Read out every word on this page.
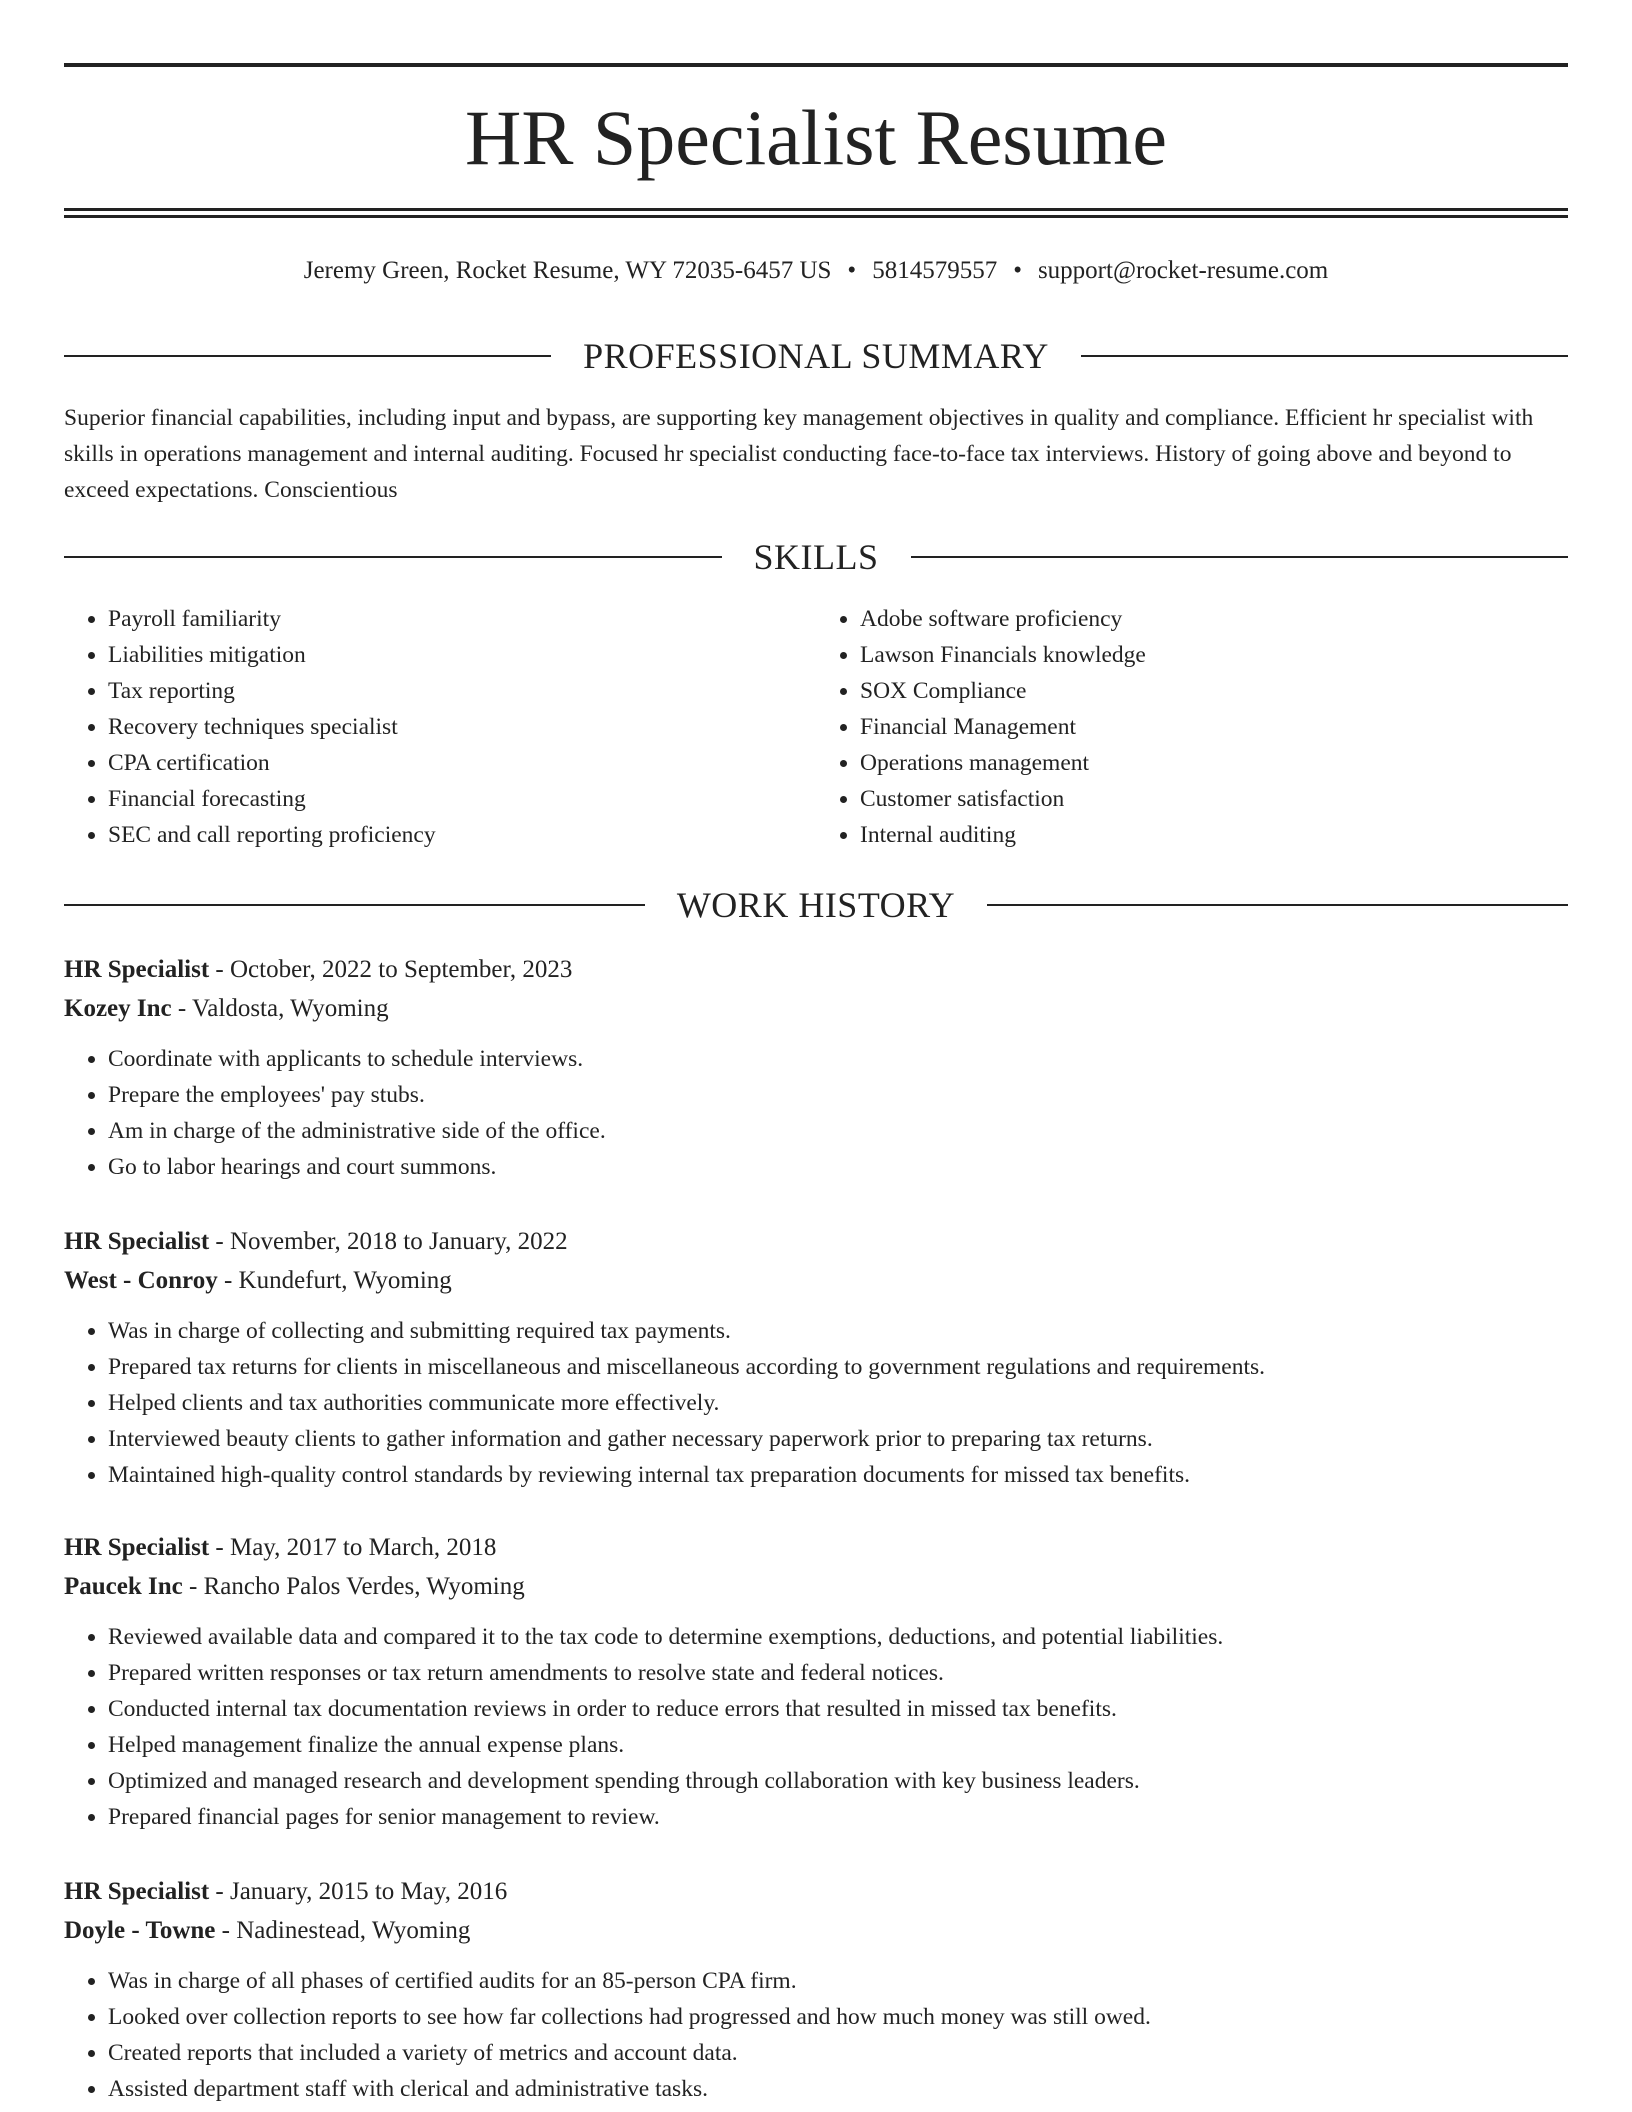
HR Specialist Resume
Jeremy Green, Rocket Resume, WY 72035-6457 US • 5814579557 • support@rocket-resume.com
PROFESSIONAL SUMMARY

Superior financial capabilities, including input and bypass, are supporting key management objectives in quality and compliance. Efficient hr specialist with skills in operations management and internal auditing. Focused hr specialist conducting face-to-face tax interviews. History of going above and beyond to exceed expectations. Conscientious

SKILLS
• Payroll familiarity
• Liabilities mitigation
• Tax reporting
• Recovery techniques specialist
• CPA certification
• Financial forecasting
• SEC and call reporting proficiency
• Adobe software proficiency
• Lawson Financials knowledge
• SOX Compliance
• Financial Management
• Operations management
• Customer satisfaction
• Internal auditing
WORK HISTORY
HR Specialist - October, 2022 to September, 2023
Kozey Inc - Valdosta, Wyoming
• Coordinate with applicants to schedule interviews.
• Prepare the employees' pay stubs.
• Am in charge of the administrative side of the office.
• Go to labor hearings and court summons.
HR Specialist - November, 2018 to January, 2022
West - Conroy - Kundefurt, Wyoming
• Was in charge of collecting and submitting required tax payments.
• Prepared tax returns for clients in miscellaneous and miscellaneous according to government regulations and requirements.
• Helped clients and tax authorities communicate more effectively.
• Interviewed beauty clients to gather information and gather necessary paperwork prior to preparing tax returns.
• Maintained high-quality control standards by reviewing internal tax preparation documents for missed tax benefits.
HR Specialist - May, 2017 to March, 2018
Paucek Inc - Rancho Palos Verdes, Wyoming
• Reviewed available data and compared it to the tax code to determine exemptions, deductions, and potential liabilities.
• Prepared written responses or tax return amendments to resolve state and federal notices.
• Conducted internal tax documentation reviews in order to reduce errors that resulted in missed tax benefits.
• Helped management finalize the annual expense plans.
• Optimized and managed research and development spending through collaboration with key business leaders.
• Prepared financial pages for senior management to review.
HR Specialist - January, 2015 to May, 2016
Doyle - Towne - Nadinestead, Wyoming
• Was in charge of all phases of certified audits for an 85-person CPA firm.
• Looked over collection reports to see how far collections had progressed and how much money was still owed.
• Created reports that included a variety of metrics and account data.
• Assisted department staff with clerical and administrative tasks.
